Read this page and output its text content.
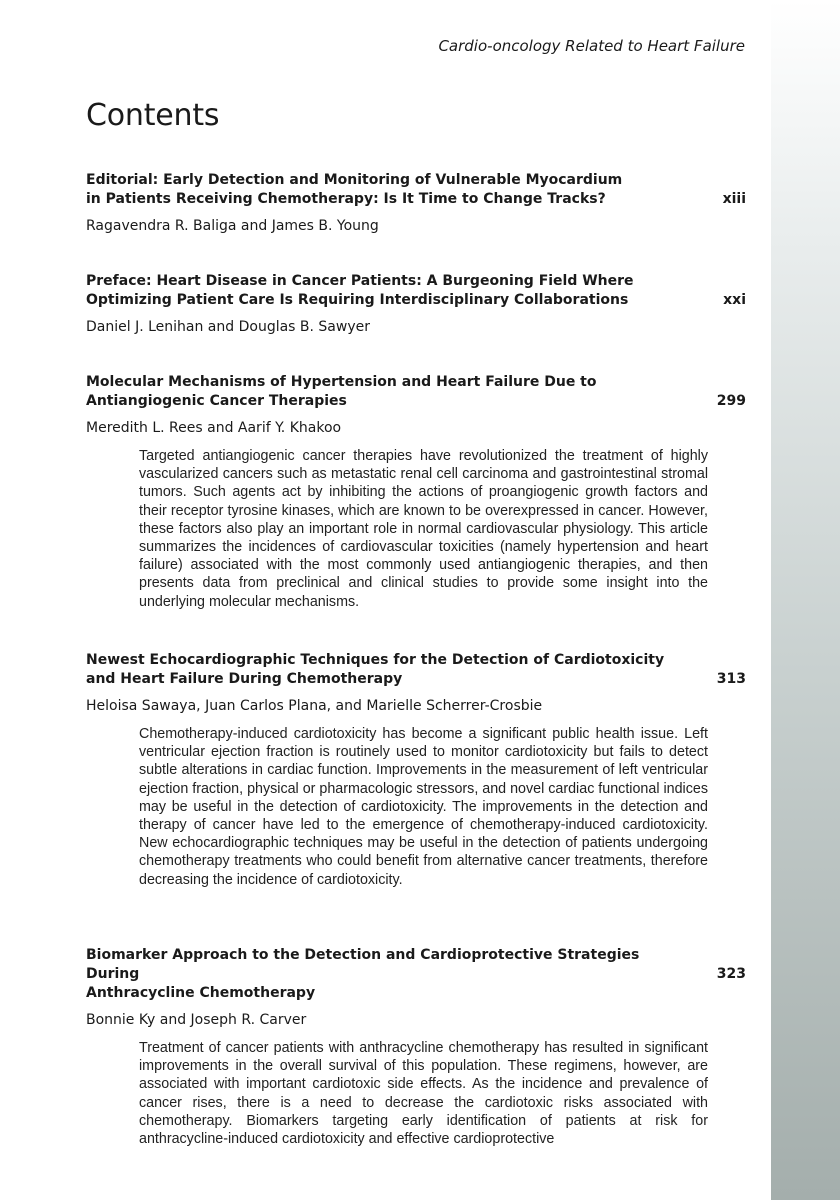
Cardio-oncology Related to Heart Failure
Contents
Editorial: Early Detection and Monitoring of Vulnerable Myocardium
in Patients Receiving Chemotherapy: Is It Time to Change Tracks?	xiii
Ragavendra R. Baliga and James B. Young
Preface: Heart Disease in Cancer Patients: A Burgeoning Field Where
Optimizing Patient Care Is Requiring Interdisciplinary Collaborations	xxi
Daniel J. Lenihan and Douglas B. Sawyer
Molecular Mechanisms of Hypertension and Heart Failure Due to
Antiangiogenic Cancer Therapies	299
Meredith L. Rees and Aarif Y. Khakoo
Targeted antiangiogenic cancer therapies have revolutionized the treatment of highly vascularized cancers such as metastatic renal cell carcinoma and gastrointestinal stromal tumors. Such agents act by inhibiting the actions of proangiogenic growth factors and their receptor tyrosine kinases, which are known to be overexpressed in cancer. However, these factors also play an important role in normal cardiovascular physiology. This article summarizes the incidences of cardiovascular toxicities (namely hypertension and heart failure) associated with the most commonly used antiangiogenic therapies, and then presents data from preclinical and clinical studies to provide some insight into the underlying molecular mechanisms.
Newest Echocardiographic Techniques for the Detection of Cardiotoxicity
and Heart Failure During Chemotherapy	313
Heloisa Sawaya, Juan Carlos Plana, and Marielle Scherrer-Crosbie
Chemotherapy-induced cardiotoxicity has become a significant public health issue. Left ventricular ejection fraction is routinely used to monitor cardiotoxicity but fails to detect subtle alterations in cardiac function. Improvements in the measurement of left ventricular ejection fraction, physical or pharmacologic stressors, and novel cardiac functional indices may be useful in the detection of cardiotoxicity. The improvements in the detection and therapy of cancer have led to the emergence of chemotherapy-induced cardiotoxicity. New echocardiographic techniques may be useful in the detection of patients undergoing chemotherapy treatments who could benefit from alternative cancer treatments, therefore decreasing the incidence of cardiotoxicity.
Biomarker Approach to the Detection and Cardioprotective Strategies During
Anthracycline Chemotherapy
323
Bonnie Ky and Joseph R. Carver
Treatment of cancer patients with anthracycline chemotherapy has resulted in significant improvements in the overall survival of this population. These regimens, however, are associated with important cardiotoxic side effects. As the incidence and prevalence of cancer rises, there is a need to decrease the cardiotoxic risks associated with chemotherapy. Biomarkers targeting early identification of patients at risk for anthracycline-induced cardiotoxicity and effective cardioprotective
